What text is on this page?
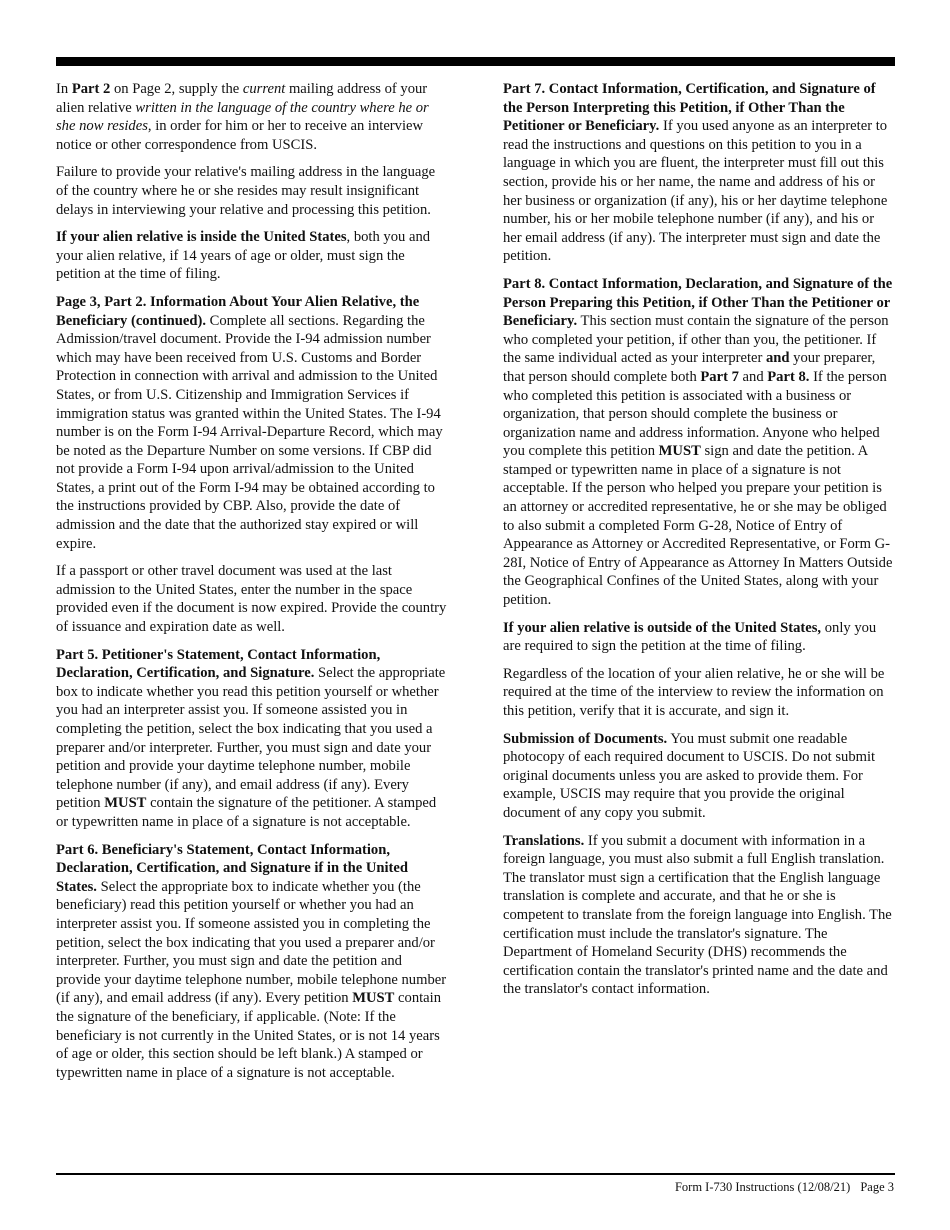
In Part 2 on Page 2, supply the current mailing address of your alien relative written in the language of the country where he or she now resides, in order for him or her to receive an interview notice or other correspondence from USCIS.

Failure to provide your relative's mailing address in the language of the country where he or she resides may result insignificant delays in interviewing your relative and processing this petition.

If your alien relative is inside the United States, both you and your alien relative, if 14 years of age or older, must sign the petition at the time of filing.

Page 3, Part 2. Information About Your Alien Relative, the Beneficiary (continued). Complete all sections. Regarding the Admission/travel document. Provide the I-94 admission number which may have been received from U.S. Customs and Border Protection in connection with arrival and admission to the United States, or from U.S. Citizenship and Immigration Services if immigration status was granted within the United States. The I-94 number is on the Form I-94 Arrival-Departure Record, which may be noted as the Departure Number on some versions. If CBP did not provide a Form I-94 upon arrival/admission to the United States, a print out of the Form I-94 may be obtained according to the instructions provided by CBP. Also, provide the date of admission and the date that the authorized stay expired or will expire.

If a passport or other travel document was used at the last admission to the United States, enter the number in the space provided even if the document is now expired. Provide the country of issuance and expiration date as well.

Part 5. Petitioner's Statement, Contact Information, Declaration, Certification, and Signature. Select the appropriate box to indicate whether you read this petition yourself or whether you had an interpreter assist you. If someone assisted you in completing the petition, select the box indicating that you used a preparer and/or interpreter. Further, you must sign and date your petition and provide your daytime telephone number, mobile telephone number (if any), and email address (if any). Every petition MUST contain the signature of the petitioner. A stamped or typewritten name in place of a signature is not acceptable.

Part 6. Beneficiary's Statement, Contact Information, Declaration, Certification, and Signature if in the United States. Select the appropriate box to indicate whether you (the beneficiary) read this petition yourself or whether you had an interpreter assist you. If someone assisted you in completing the petition, select the box indicating that you used a preparer and/or interpreter. Further, you must sign and date the petition and provide your daytime telephone number, mobile telephone number (if any), and email address (if any). Every petition MUST contain the signature of the beneficiary, if applicable. (Note: If the beneficiary is not currently in the United States, or is not 14 years of age or older, this section should be left blank.) A stamped or typewritten name in place of a signature is not acceptable.

Part 7. Contact Information, Certification, and Signature of the Person Interpreting this Petition, if Other Than the Petitioner or Beneficiary. If you used anyone as an interpreter to read the instructions and questions on this petition to you in a language in which you are fluent, the interpreter must fill out this section, provide his or her name, the name and address of his or her business or organization (if any), his or her daytime telephone number, his or her mobile telephone number (if any), and his or her email address (if any). The interpreter must sign and date the petition.

Part 8. Contact Information, Declaration, and Signature of the Person Preparing this Petition, if Other Than the Petitioner or Beneficiary. This section must contain the signature of the person who completed your petition, if other than you, the petitioner. If the same individual acted as your interpreter and your preparer, that person should complete both Part 7 and Part 8. If the person who completed this petition is associated with a business or organization, that person should complete the business or organization name and address information. Anyone who helped you complete this petition MUST sign and date the petition. A stamped or typewritten name in place of a signature is not acceptable. If the person who helped you prepare your petition is an attorney or accredited representative, he or she may be obliged to also submit a completed Form G-28, Notice of Entry of Appearance as Attorney or Accredited Representative, or Form G-28I, Notice of Entry of Appearance as Attorney In Matters Outside the Geographical Confines of the United States, along with your petition.

If your alien relative is outside of the United States, only you are required to sign the petition at the time of filing.

Regardless of the location of your alien relative, he or she will be required at the time of the interview to review the information on this petition, verify that it is accurate, and sign it.

Submission of Documents. You must submit one readable photocopy of each required document to USCIS. Do not submit original documents unless you are asked to provide them. For example, USCIS may require that you provide the original document of any copy you submit.

Translations. If you submit a document with information in a foreign language, you must also submit a full English translation. The translator must sign a certification that the English language translation is complete and accurate, and that he or she is competent to translate from the foreign language into English. The certification must include the translator's signature. The Department of Homeland Security (DHS) recommends the certification contain the translator's printed name and the date and the translator's contact information.

Form I-730 Instructions (12/08/21) Page 3
